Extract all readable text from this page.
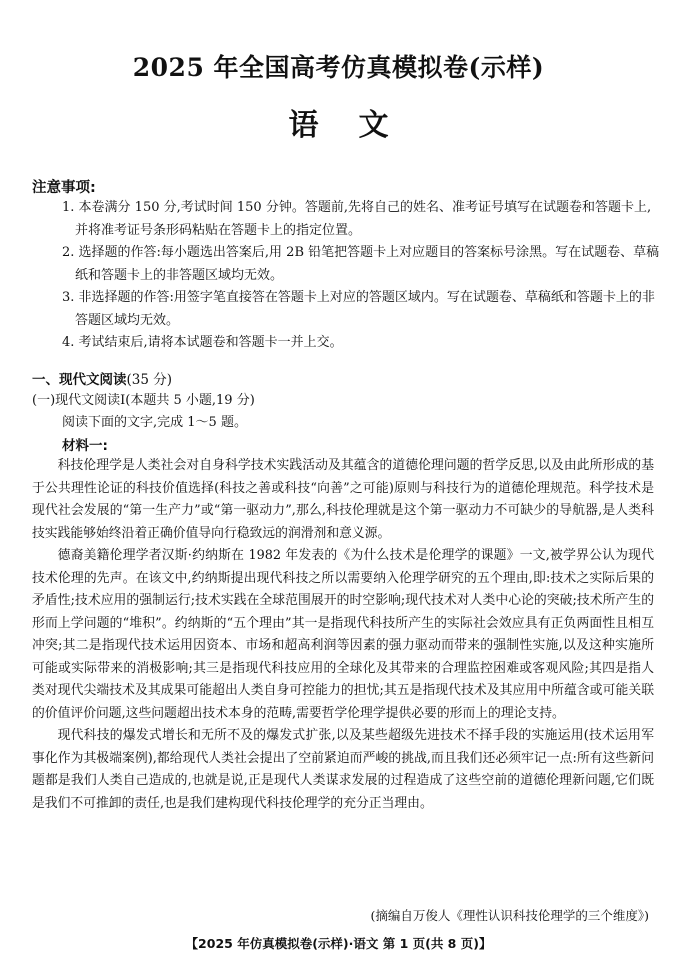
2025 年全国高考仿真模拟卷(示样)
语文
注意事项:
1. 本卷满分 150 分,考试时间 150 分钟。答题前,先将自己的姓名、准考证号填写在试题卷和答题卡上,并将准考证号条形码粘贴在答题卡上的指定位置。
2. 选择题的作答:每小题选出答案后,用 2B 铅笔把答题卡上对应题目的答案标号涂黑。写在试题卷、草稿纸和答题卡上的非答题区域均无效。
3. 非选择题的作答:用签字笔直接答在答题卡上对应的答题区域内。写在试题卷、草稿纸和答题卡上的非答题区域均无效。
4. 考试结束后,请将本试题卷和答题卡一并上交。
一、现代文阅读(35 分)
(一)现代文阅读Ⅰ(本题共 5 小题,19 分)
阅读下面的文字,完成 1～5 题。
材料一:

科技伦理学是人类社会对自身科学技术实践活动及其蕴含的道德伦理问题的哲学反思,以及由此所形成的基于公共理性论证的科技价值选择(科技之善或科技“向善”之可能)原则与科技行为的道德伦理规范。科学技术是现代社会发展的“第一生产力”或“第一驱动力”,那么,科技伦理就是这个第一驱动力不可缺少的导航器,是人类科技实践能够始终沿着正确价值导向行稳致远的润滑剂和意义源。

德裔美籍伦理学者汉斯·约纳斯在 1982 年发表的《为什么技术是伦理学的课题》一文,被学界公认为现代技术伦理的先声。在该文中,约纳斯提出现代科技之所以需要纳入伦理学研究的五个理由,即:技术之实际后果的矛盾性;技术应用的强制运行;技术实践在全球范围展开的时空影响;现代技术对人类中心论的突破;技术所产生的形而上学问题的“堆积”。约纳斯的“五个理由”其一是指现代科技所产生的实际社会效应具有正负两面性且相互冲突;其二是指现代技术运用因资本、市场和超高利润等因素的强力驱动而带来的强制性实施,以及这种实施所可能或实际带来的消极影响;其三是指现代科技应用的全球化及其带来的合理监控困难或客观风险;其四是指人类对现代尖端技术及其成果可能超出人类自身可控能力的担忧;其五是指现代技术及其应用中所蕴含或可能关联的价值评价问题,这些问题超出技术本身的范畴,需要哲学伦理学提供必要的形而上的理论支持。

现代科技的爆发式增长和无所不及的爆发式扩张,以及某些超级先进技术不择手段的实施运用(技术运用军事化作为其极端案例),都给现代人类社会提出了空前紧迫而严峻的挑战,而且我们还必须牢记一点:所有这些新问题都是我们人类自己造成的,也就是说,正是现代人类谋求发展的过程造成了这些空前的道德伦理新问题,它们既是我们不可推卸的责任,也是我们建构现代科技伦理学的充分正当理由。

(摘编自万俊人《理性认识科技伦理学的三个维度》)
【2025 年仿真模拟卷(示样)·语文 第 1 页(共 8 页)】
